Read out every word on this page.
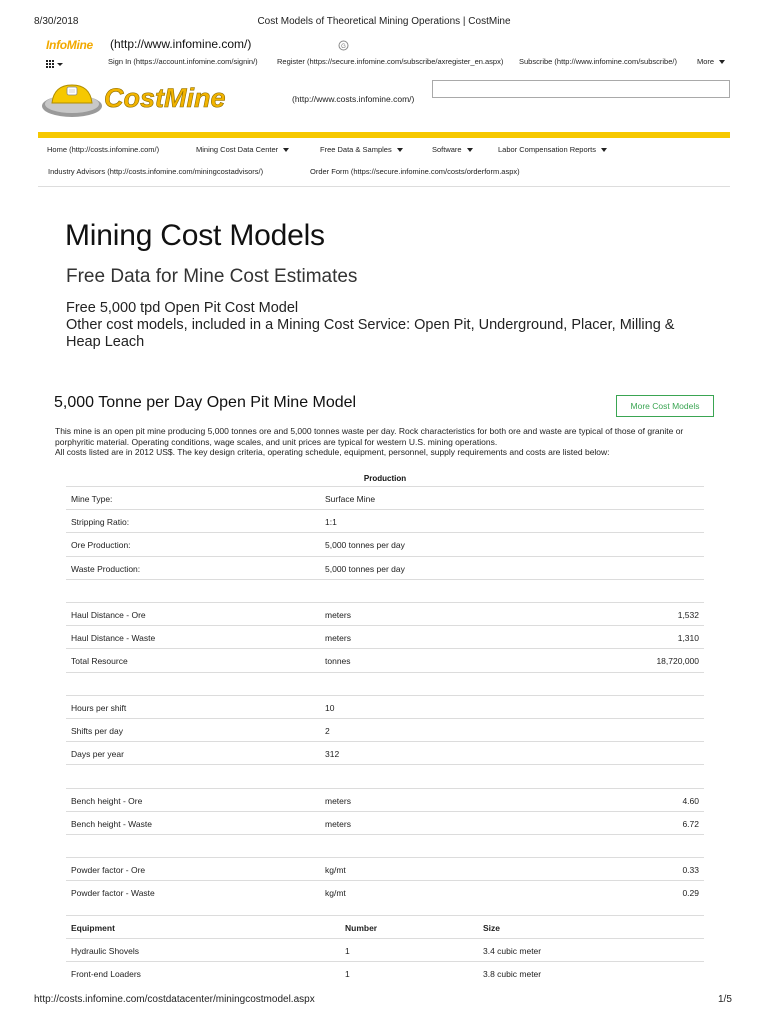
8/30/2018	Cost Models of Theoretical Mining Operations | CostMine
InfoMine (http://www.infomine.com/)	G
Sign In (https://account.infomine.com/signin/)	Register (https://secure.infomine.com/subscribe/axregister_en.aspx) Subscribe (http://www.infomine.com/subscribe/)	More
CostMine	(http://www.costs.infomine.com/)
Home (http://costs.infomine.com/)	Mining Cost Data Center	Free Data & Samples	Software	Labor Compensation Reports
Industry Advisors (http://costs.infomine.com/miningcostadvisors/)	Order Form (https://secure.infomine.com/costs/orderform.aspx)
Mining Cost Models
Free Data for Mine Cost Estimates
Free 5,000 tpd Open Pit Cost Model
Other cost models, included in a Mining Cost Service: Open Pit, Underground, Placer, Milling & Heap Leach
5,000 Tonne per Day Open Pit Mine Model	More Cost Models
This mine is an open pit mine producing 5,000 tonnes ore and 5,000 tonnes waste per day. Rock characteristics for both ore and waste are typical of those of granite or porphyritic material. Operating conditions, wage scales, and unit prices are typical for western U.S. mining operations.
All costs listed are in 2012 US$. The key design criteria, operating schedule, equipment, personnel, supply requirements and costs are listed below:
Production
Mine Type:	Surface Mine
Stripping Ratio:	1:1
Ore Production:	5,000 tonnes per day
Waste Production:	5,000 tonnes per day
Haul Distance - Ore	meters	1,532
Haul Distance - Waste	meters	1,310
Total Resource	tonnes	18,720,000
Hours per shift	10
Shifts per day	2
Days per year	312
Bench height - Ore	meters	4.60
Bench height - Waste	meters	6.72
Powder factor - Ore	kg/mt	0.33
Powder factor - Waste	kg/mt	0.29
Equipment	Number	Size
Hydraulic Shovels	1	3.4 cubic meter
Front-end Loaders	1	3.8 cubic meter
http://costs.infomine.com/costdatacenter/miningcostmodel.aspx	1/5
